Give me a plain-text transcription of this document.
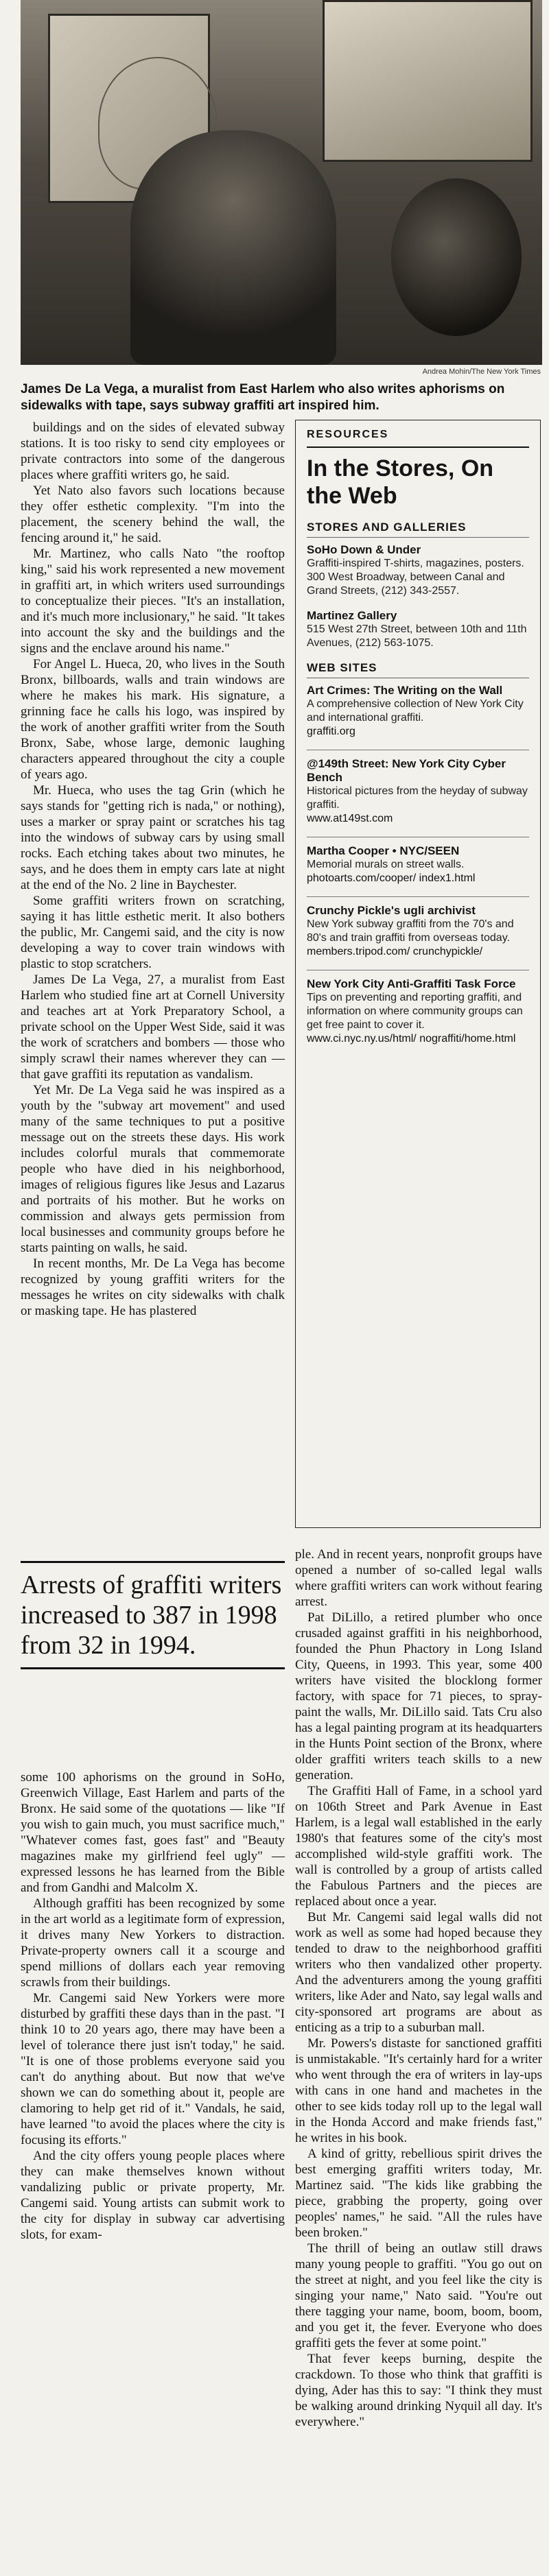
Andrea Mohin/The New York Times
James De La Vega, a muralist from East Harlem who also writes aphorisms on sidewalks with tape, says subway graffiti art inspired him.

buildings and on the sides of elevated subway stations. It is too risky to send city employees or private contractors into some of the dangerous places where graffiti writers go, he said.

Yet Nato also favors such locations because they offer esthetic complexity. "I'm into the placement, the scenery behind the wall, the fencing around it," he said.

Mr. Martinez, who calls Nato "the rooftop king," said his work represented a new movement in graffiti art, in which writers used surroundings to conceptualize their pieces. "It's an installation, and it's much more inclusionary," he said. "It takes into account the sky and the buildings and the signs and the enclave around his name."

For Angel L. Hueca, 20, who lives in the South Bronx, billboards, walls and train windows are where he makes his mark. His signature, a grinning face he calls his logo, was inspired by the work of another graffiti writer from the South Bronx, Sabe, whose large, demonic laughing characters appeared throughout the city a couple of years ago.

Mr. Hueca, who uses the tag Grin (which he says stands for "getting rich is nada," or nothing), uses a marker or spray paint or scratches his tag into the windows of subway cars by using small rocks. Each etching takes about two minutes, he says, and he does them in empty cars late at night at the end of the No. 2 line in Baychester.

Some graffiti writers frown on scratching, saying it has little esthetic merit. It also bothers the public, Mr. Cangemi said, and the city is now developing a way to cover train windows with plastic to stop scratchers.

James De La Vega, 27, a muralist from East Harlem who studied fine art at Cornell University and teaches art at York Preparatory School, a private school on the Upper West Side, said it was the work of scratchers and bombers — those who simply scrawl their names wherever they can — that gave graffiti its reputation as vandalism.

Yet Mr. De La Vega said he was inspired as a youth by the "subway art movement" and used many of the same techniques to put a positive message out on the streets these days. His work includes colorful murals that commemorate people who have died in his neighborhood, images of religious figures like Jesus and Lazarus and portraits of his mother. But he works on commission and always gets permission from local businesses and community groups before he starts painting on walls, he said.

In recent months, Mr. De La Vega has become recognized by young graffiti writers for the messages he writes on city sidewalks with chalk or masking tape. He has plastered

RESOURCES
In the Stores, On the Web
STORES AND GALLERIES
SoHo Down & Under
Graffiti-inspired T-shirts, magazines, posters. 300 West Broadway, between Canal and Grand Streets, (212) 343-2557.
Martinez Gallery
515 West 27th Street, between 10th and 11th Avenues, (212) 563-1075.
WEB SITES
Art Crimes: The Writing on the Wall
A comprehensive collection of New York City and international graffiti.
graffiti.org
@149th Street: New York City Cyber Bench
Historical pictures from the heyday of subway graffiti.
www.at149st.com
Martha Cooper • NYC/SEEN
Memorial murals on street walls.
photoarts.com/cooper/ index1.html
Crunchy Pickle's ugli archivist
New York subway graffiti from the 70's and 80's and train graffiti from overseas today.
members.tripod.com/ crunchypickle/
New York City Anti-Graffiti Task Force
Tips on preventing and reporting graffiti, and information on where community groups can get free paint to cover it.
www.ci.nyc.ny.us/html/ nograffiti/home.html
Arrests of graffiti writers increased to 387 in 1998 from 32 in 1994.

some 100 aphorisms on the ground in SoHo, Greenwich Village, East Harlem and parts of the Bronx. He said some of the quotations — like "If you wish to gain much, you must sacrifice much," "Whatever comes fast, goes fast" and "Beauty magazines make my girlfriend feel ugly" — expressed lessons he has learned from the Bible and from Gandhi and Malcolm X.

Although graffiti has been recognized by some in the art world as a legitimate form of expression, it drives many New Yorkers to distraction. Private-property owners call it a scourge and spend millions of dollars each year removing scrawls from their buildings.

Mr. Cangemi said New Yorkers were more disturbed by graffiti these days than in the past. "I think 10 to 20 years ago, there may have been a level of tolerance there just isn't today," he said. "It is one of those problems everyone said you can't do anything about. But now that we've shown we can do something about it, people are clamoring to help get rid of it." Vandals, he said, have learned "to avoid the places where the city is focusing its efforts."

And the city offers young people places where they can make themselves known without vandalizing public or private property, Mr. Cangemi said. Young artists can submit work to the city for display in subway car advertising slots, for exam-

ple. And in recent years, nonprofit groups have opened a number of so-called legal walls where graffiti writers can work without fearing arrest.

Pat DiLillo, a retired plumber who once crusaded against graffiti in his neighborhood, founded the Phun Phactory in Long Island City, Queens, in 1993. This year, some 400 writers have visited the blocklong former factory, with space for 71 pieces, to spray-paint the walls, Mr. DiLillo said. Tats Cru also has a legal painting program at its headquarters in the Hunts Point section of the Bronx, where older graffiti writers teach skills to a new generation.

The Graffiti Hall of Fame, in a school yard on 106th Street and Park Avenue in East Harlem, is a legal wall established in the early 1980's that features some of the city's most accomplished wild-style graffiti work. The wall is controlled by a group of artists called the Fabulous Partners and the pieces are replaced about once a year.

But Mr. Cangemi said legal walls did not work as well as some had hoped because they tended to draw to the neighborhood graffiti writers who then vandalized other property. And the adventurers among the young graffiti writers, like Ader and Nato, say legal walls and city-sponsored art programs are about as enticing as a trip to a suburban mall.

Mr. Powers's distaste for sanctioned graffiti is unmistakable. "It's certainly hard for a writer who went through the era of writers in lay-ups with cans in one hand and machetes in the other to see kids today roll up to the legal wall in the Honda Accord and make friends fast," he writes in his book.

A kind of gritty, rebellious spirit drives the best emerging graffiti writers today, Mr. Martinez said. "The kids like grabbing the piece, grabbing the property, going over peoples' names," he said. "All the rules have been broken."

The thrill of being an outlaw still draws many young people to graffiti. "You go out on the street at night, and you feel like the city is singing your name," Nato said. "You're out there tagging your name, boom, boom, boom, and you get it, the fever. Everyone who does graffiti gets the fever at some point."

That fever keeps burning, despite the crackdown. To those who think that graffiti is dying, Ader has this to say: "I think they must be walking around drinking Nyquil all day. It's everywhere."
